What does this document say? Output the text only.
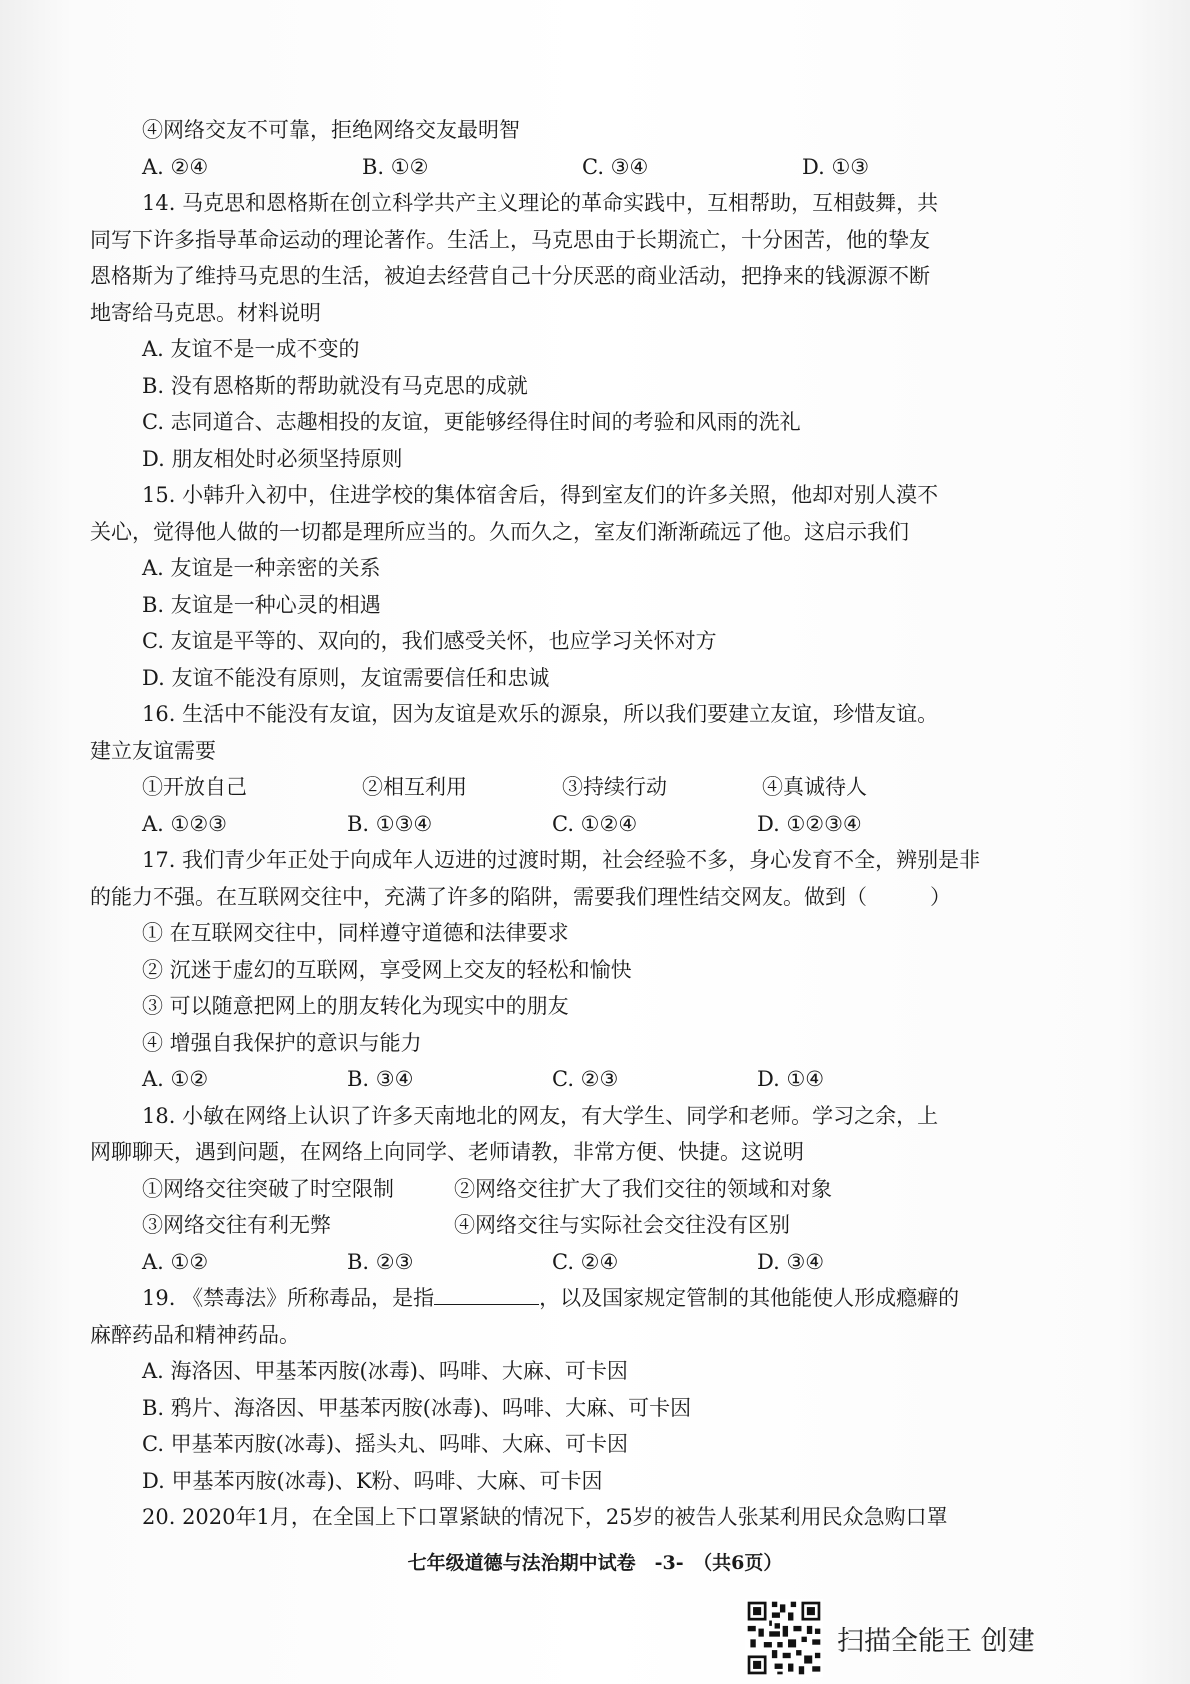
④网络交友不可靠，拒绝网络交友最明智
A. ②④	B. ①②	C. ③④	D. ①③
14. 马克思和恩格斯在创立科学共产主义理论的革命实践中，互相帮助，互相鼓舞，共
同写下许多指导革命运动的理论著作。生活上，马克思由于长期流亡，十分困苦，他的挚友
恩格斯为了维持马克思的生活，被迫去经营自己十分厌恶的商业活动，把挣来的钱源源不断
地寄给马克思。材料说明
A. 友谊不是一成不变的
B. 没有恩格斯的帮助就没有马克思的成就
C. 志同道合、志趣相投的友谊，更能够经得住时间的考验和风雨的洗礼
D. 朋友相处时必须坚持原则
15. 小韩升入初中，住进学校的集体宿舍后，得到室友们的许多关照，他却对别人漠不
关心，觉得他人做的一切都是理所应当的。久而久之，室友们渐渐疏远了他。这启示我们
A. 友谊是一种亲密的关系
B. 友谊是一种心灵的相遇
C. 友谊是平等的、双向的，我们感受关怀，也应学习关怀对方
D. 友谊不能没有原则，友谊需要信任和忠诚
16. 生活中不能没有友谊，因为友谊是欢乐的源泉，所以我们要建立友谊，珍惜友谊。
建立友谊需要
①开放自己	②相互利用	③持续行动	④真诚待人
A. ①②③	B. ①③④	C. ①②④	D. ①②③④
17. 我们青少年正处于向成年人迈进的过渡时期，社会经验不多，身心发育不全，辨别是非
的能力不强。在互联网交往中，充满了许多的陷阱，需要我们理性结交网友。做到（　　　）
① 在互联网交往中，同样遵守道德和法律要求
② 沉迷于虚幻的互联网，享受网上交友的轻松和愉快
③ 可以随意把网上的朋友转化为现实中的朋友
④ 增强自我保护的意识与能力
A. ①②	B. ③④	C. ②③	D. ①④
18. 小敏在网络上认识了许多天南地北的网友，有大学生、同学和老师。学习之余，上
网聊聊天，遇到问题，在网络上向同学、老师请教，非常方便、快捷。这说明
①网络交往突破了时空限制	②网络交往扩大了我们交往的领域和对象
③网络交往有利无弊	④网络交往与实际社会交往没有区别
A. ①②	B. ②③	C. ②④	D. ③④
19. 《禁毒法》所称毒品，是指	，以及国家规定管制的其他能使人形成瘾癖的
麻醉药品和精神药品。
A. 海洛因、甲基苯丙胺(冰毒)、吗啡、大麻、可卡因
B. 鸦片、海洛因、甲基苯丙胺(冰毒)、吗啡、大麻、可卡因
C. 甲基苯丙胺(冰毒)、摇头丸、吗啡、大麻、可卡因
D. 甲基苯丙胺(冰毒)、K粉、吗啡、大麻、可卡因
20. 2020年1月，在全国上下口罩紧缺的情况下，25岁的被告人张某利用民众急购口罩
七年级道德与法治期中试卷　-3-　（共6页）
扫描全能王 创建
